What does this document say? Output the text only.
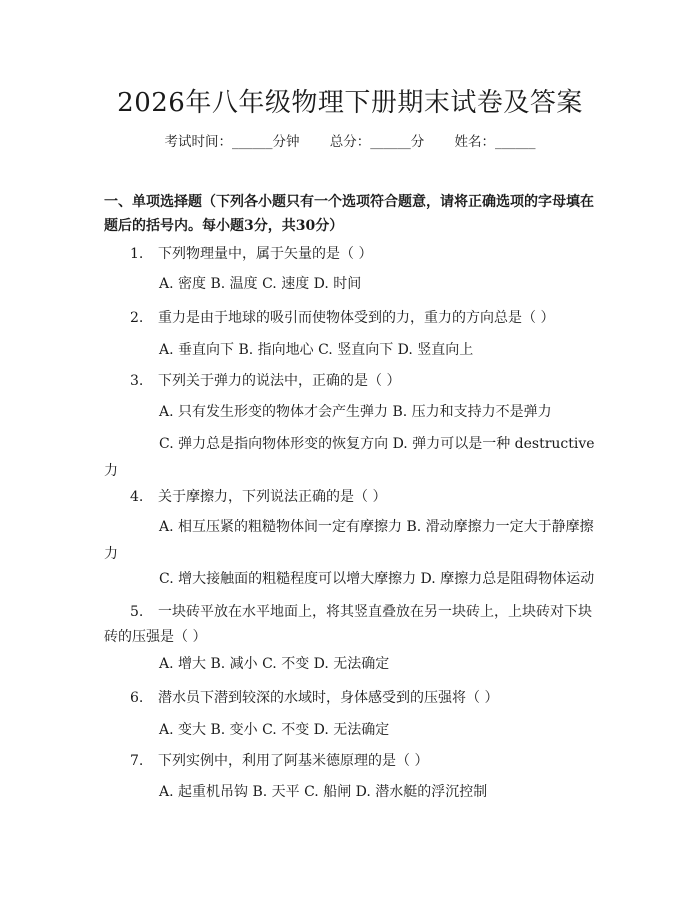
2026年八年级物理下册期末试卷及答案
考试时间：______分钟 总分：______分 姓名：______
一、单项选择题（下列各小题只有一个选项符合题意，请将正确选项的字母填在题后的括号内。每小题3分，共30分）
1. 下列物理量中，属于矢量的是（ ）
A. 密度 B. 温度 C. 速度 D. 时间
2. 重力是由于地球的吸引而使物体受到的力，重力的方向总是（ ）
A. 垂直向下 B. 指向地心 C. 竖直向下 D. 竖直向上
3. 下列关于弹力的说法中，正确的是（ ）
A. 只有发生形变的物体才会产生弹力 B. 压力和支持力不是弹力
C. 弹力总是指向物体形变的恢复方向 D. 弹力可以是一种 destructive 力
4. 关于摩擦力，下列说法正确的是（ ）
A. 相互压紧的粗糙物体间一定有摩擦力 B. 滑动摩擦力一定大于静摩擦力
C. 增大接触面的粗糙程度可以增大摩擦力 D. 摩擦力总是阻碍物体运动
5. 一块砖平放在水平地面上，将其竖直叠放在另一块砖上，上块砖对下块砖的压强是（ ）
A. 增大 B. 减小 C. 不变 D. 无法确定
6. 潜水员下潜到较深的水域时，身体感受到的压强将（ ）
A. 变大 B. 变小 C. 不变 D. 无法确定
7. 下列实例中，利用了阿基米德原理的是（ ）
A. 起重机吊钩 B. 天平 C. 船闸 D. 潜水艇的浮沉控制
